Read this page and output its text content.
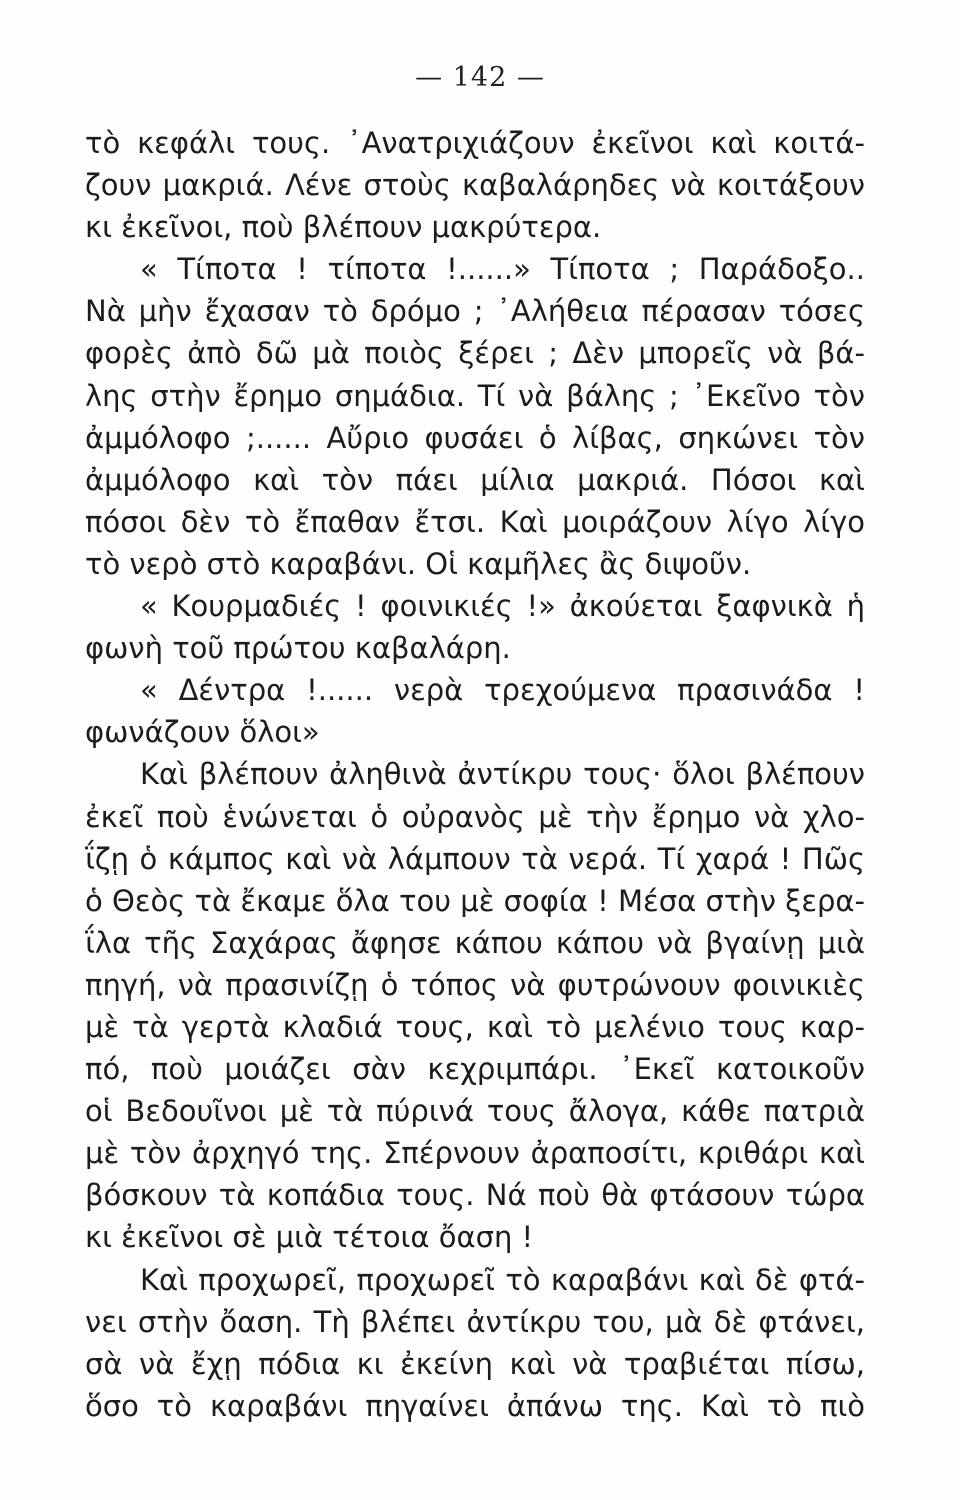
— 142 —
τὸ κεφάλι τους. ᾿Ανατριχιάζουν ἐκεῖνοι καὶ κοιτά-
ζουν μακριά. Λένε στοὺς καβαλάρηδες νὰ κοιτάξουν
κι ἐκεῖνοι, ποὺ βλέπουν μακρύτερα.
« Τίποτα ! τίποτα !......» Τίποτα ; Παράδοξο..
Νὰ μὴν ἔχασαν τὸ δρόμο ; ᾿Αλήθεια πέρασαν τόσες
φορὲς ἀπὸ δῶ μὰ ποιὸς ξέρει ; Δὲν μπορεῖς νὰ βά-
λης στὴν ἔρημο σημάδια. Τί νὰ βάλης ; ᾿Εκεῖνο τὸν
ἀμμόλοφο ;...... Αὔριο φυσάει ὁ λίβας, σηκώνει τὸν
ἀμμόλοφο καὶ τὸν πάει μίλια μακριά. Πόσοι καὶ
πόσοι δὲν τὸ ἔπαθαν ἔτσι. Καὶ μοιράζουν λίγο λίγο
τὸ νερὸ στὸ καραβάνι. Οἱ καμῆλες ἂς διψοῦν.
« Κουρμαδιές ! φοινικιές !» ἀκούεται ξαφνικὰ ἡ
φωνὴ τοῦ πρώτου καβαλάρη.
« Δέντρα !...... νερὰ τρεχούμενα πρασινάδα !
φωνάζουν ὅλοι»
Καὶ βλέπουν ἀληθινὰ ἀντίκρυ τους· ὅλοι βλέπουν
ἐκεῖ ποὺ ἑνώνεται ὁ οὐρανὸς μὲ τὴν ἔρημο νὰ χλο-
ΐζῃ ὁ κάμπος καὶ νὰ λάμπουν τὰ νερά. Τί χαρά ! Πῶς
ὁ Θεὸς τὰ ἔκαμε ὅλα του μὲ σοφία ! Μέσα στὴν ξερα-
ΐλα τῆς Σαχάρας ἄφησε κάπου κάπου νὰ βγαίνῃ μιὰ
πηγή, νὰ πρασινίζῃ ὁ τόπος νὰ φυτρώνουν φοινικιὲς
μὲ τὰ γερτὰ κλαδιά τους, καὶ τὸ μελένιο τους καρ-
πό, ποὺ μοιάζει σὰν κεχριμπάρι. ᾿Εκεῖ κατοικοῦν
οἱ Βεδουῖνοι μὲ τὰ πύρινά τους ἄλογα, κάθε πατριὰ
μὲ τὸν ἀρχηγό της. Σπέρνουν ἀραποσίτι, κριθάρι καὶ
βόσκουν τὰ κοπάδια τους. Νά ποὺ θὰ φτάσουν τώρα
κι ἐκεῖνοι σὲ μιὰ τέτοια ὄαση !
Καὶ προχωρεῖ, προχωρεῖ τὸ καραβάνι καὶ δὲ φτά-
νει στὴν ὄαση. Τὴ βλέπει ἀντίκρυ του, μὰ δὲ φτάνει,
σὰ νὰ ἔχῃ πόδια κι ἐκείνη καὶ νὰ τραβιέται πίσω,
ὅσο τὸ καραβάνι πηγαίνει ἀπάνω της. Καὶ τὸ πιὸ
